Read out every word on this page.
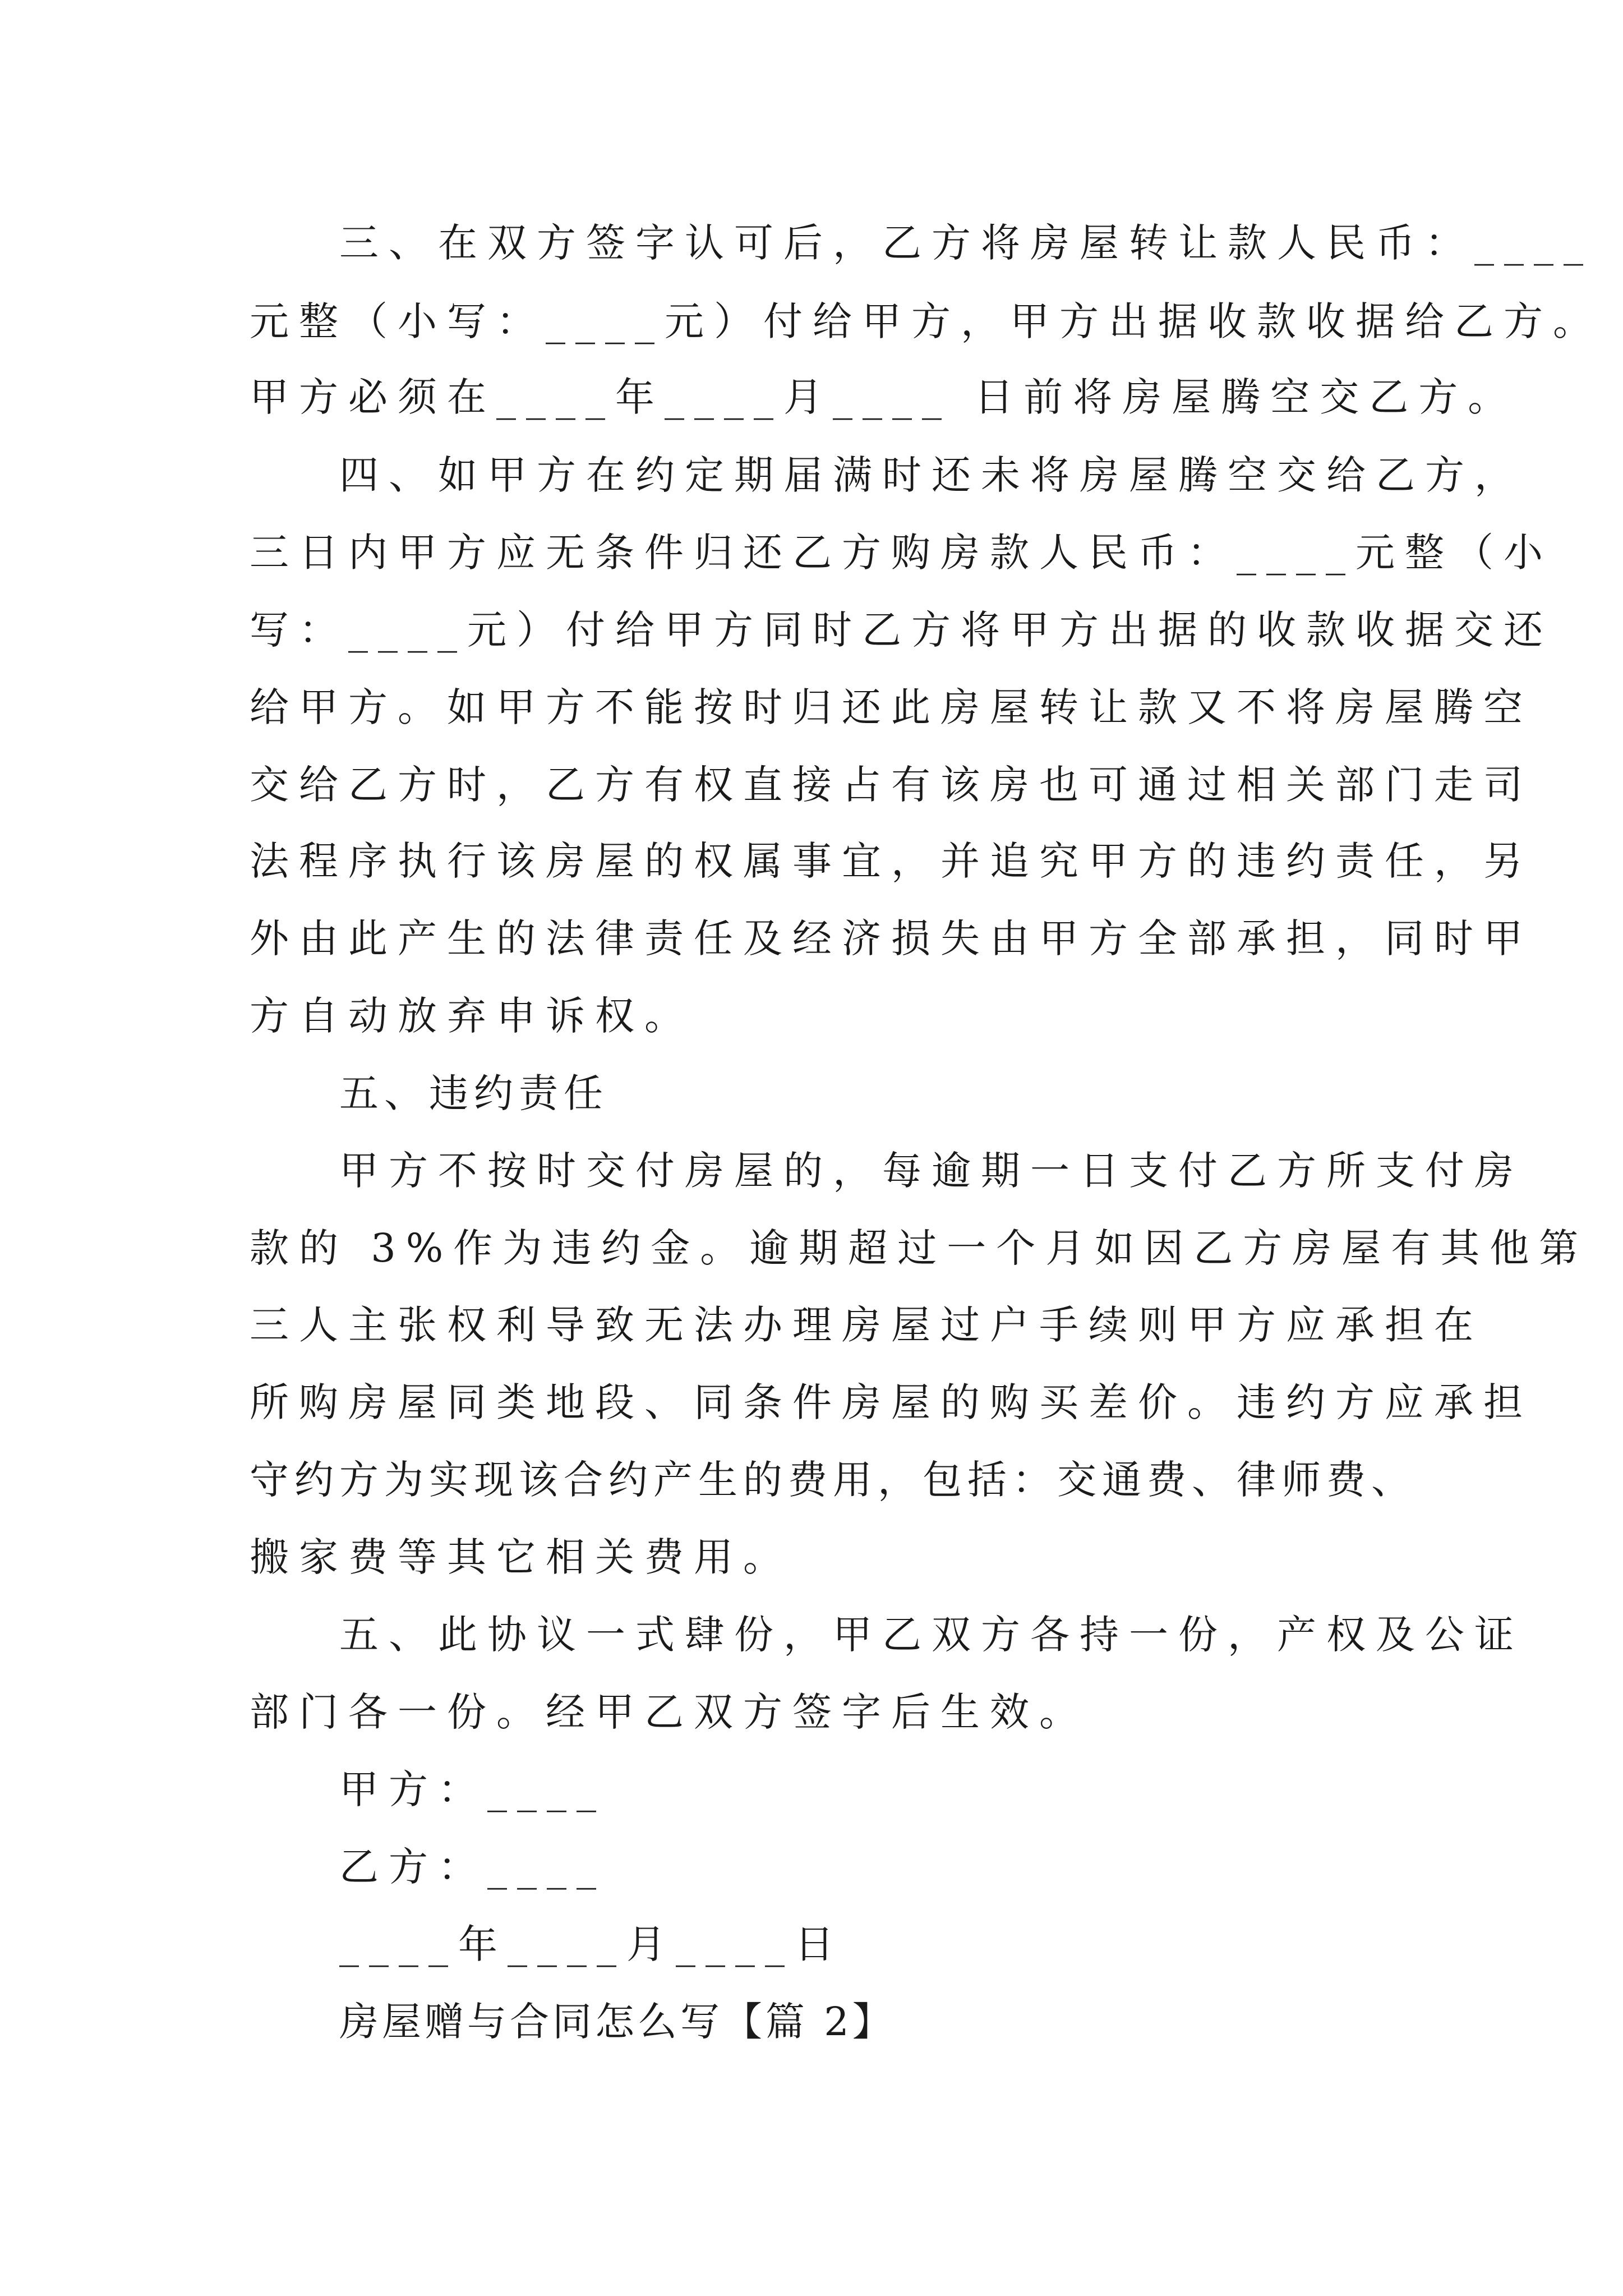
三、在双方签字认可后，乙方将房屋转让款人民币：____
元整（小写：____元）付给甲方，甲方出据收款收据给乙方。
甲方必须在____年____月____ 日前将房屋腾空交乙方。
四、如甲方在约定期届满时还未将房屋腾空交给乙方，
三日内甲方应无条件归还乙方购房款人民币：____元整（小
写：____元）付给甲方同时乙方将甲方出据的收款收据交还
给甲方。如甲方不能按时归还此房屋转让款又不将房屋腾空
交给乙方时，乙方有权直接占有该房也可通过相关部门走司
法程序执行该房屋的权属事宜，并追究甲方的违约责任，另
外由此产生的法律责任及经济损失由甲方全部承担，同时甲
方自动放弃申诉权。
五、违约责任
甲方不按时交付房屋的，每逾期一日支付乙方所支付房
款的 3%作为违约金。逾期超过一个月如因乙方房屋有其他第
三人主张权利导致无法办理房屋过户手续则甲方应承担在
所购房屋同类地段、同条件房屋的购买差价。违约方应承担
守约方为实现该合约产生的费用，包括：交通费、律师费、
搬家费等其它相关费用。
五、此协议一式肆份，甲乙双方各持一份，产权及公证
部门各一份。经甲乙双方签字后生效。
甲方：____
乙方：____
____年____月____日
房屋赠与合同怎么写【篇 2】
